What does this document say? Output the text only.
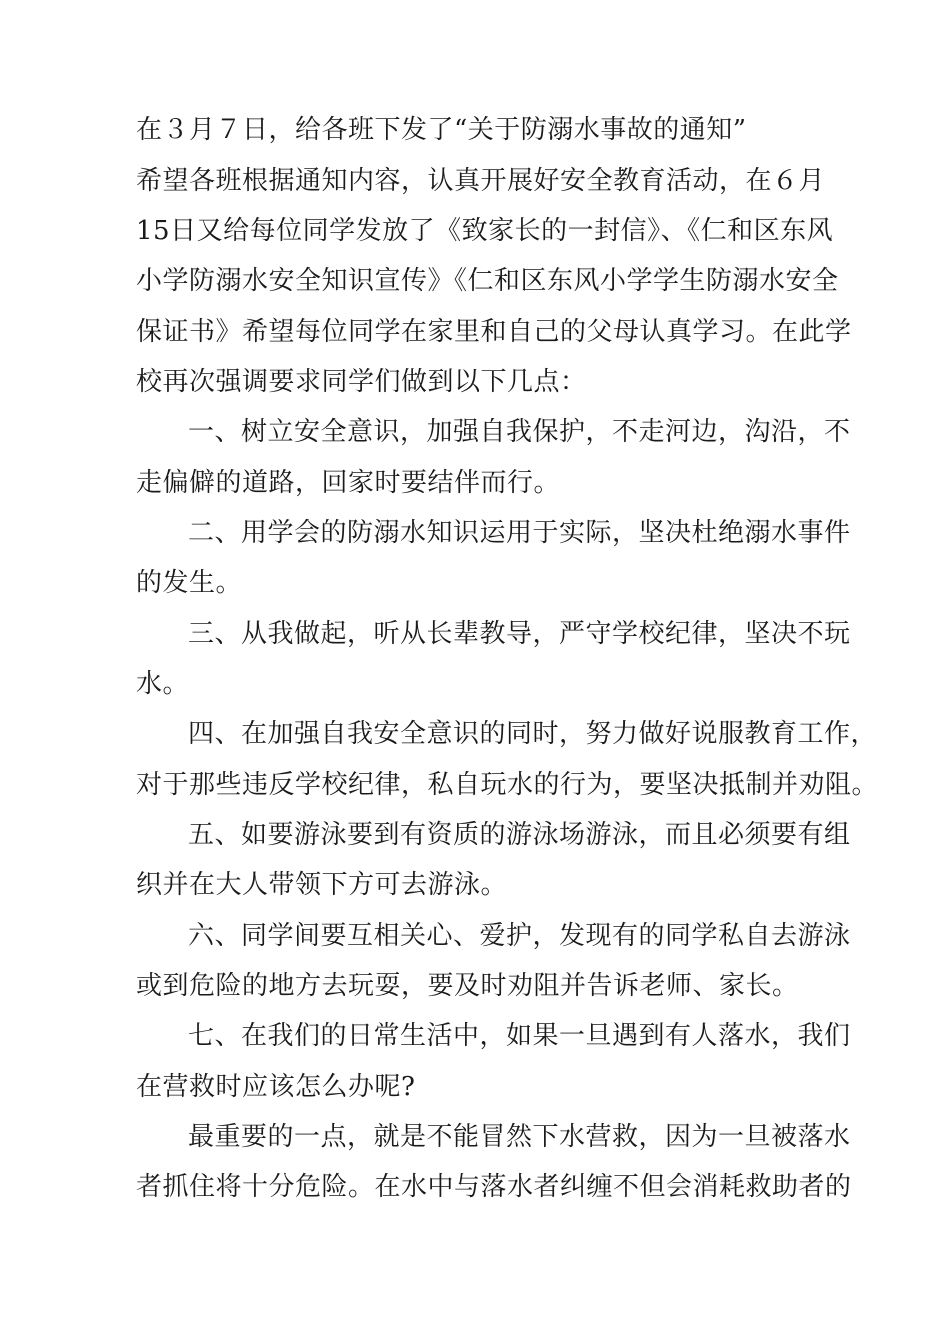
在３月７日，给各班下发了“关于防溺水事故的通知”
希望各班根据通知内容，认真开展好安全教育活动，在６月
15日又给每位同学发放了《致家长的一封信》、《仁和区东风
小学防溺水安全知识宣传》《仁和区东风小学学生防溺水安全
保证书》希望每位同学在家里和自己的父母认真学习。在此学
校再次强调要求同学们做到以下几点：
一、树立安全意识，加强自我保护，不走河边，沟沿，不
走偏僻的道路，回家时要结伴而行。
二、用学会的防溺水知识运用于实际，坚决杜绝溺水事件
的发生。
三、从我做起，听从长辈教导，严守学校纪律，坚决不玩
水。
四、在加强自我安全意识的同时，努力做好说服教育工作，
对于那些违反学校纪律，私自玩水的行为，要坚决抵制并劝阻。
五、如要游泳要到有资质的游泳场游泳，而且必须要有组
织并在大人带领下方可去游泳。
六、同学间要互相关心、爱护，发现有的同学私自去游泳
或到危险的地方去玩耍，要及时劝阻并告诉老师、家长。
七、在我们的日常生活中，如果一旦遇到有人落水，我们
在营救时应该怎么办呢?
最重要的一点，就是不能冒然下水营救，因为一旦被落水
者抓住将十分危险。在水中与落水者纠缠不但会消耗救助者的
